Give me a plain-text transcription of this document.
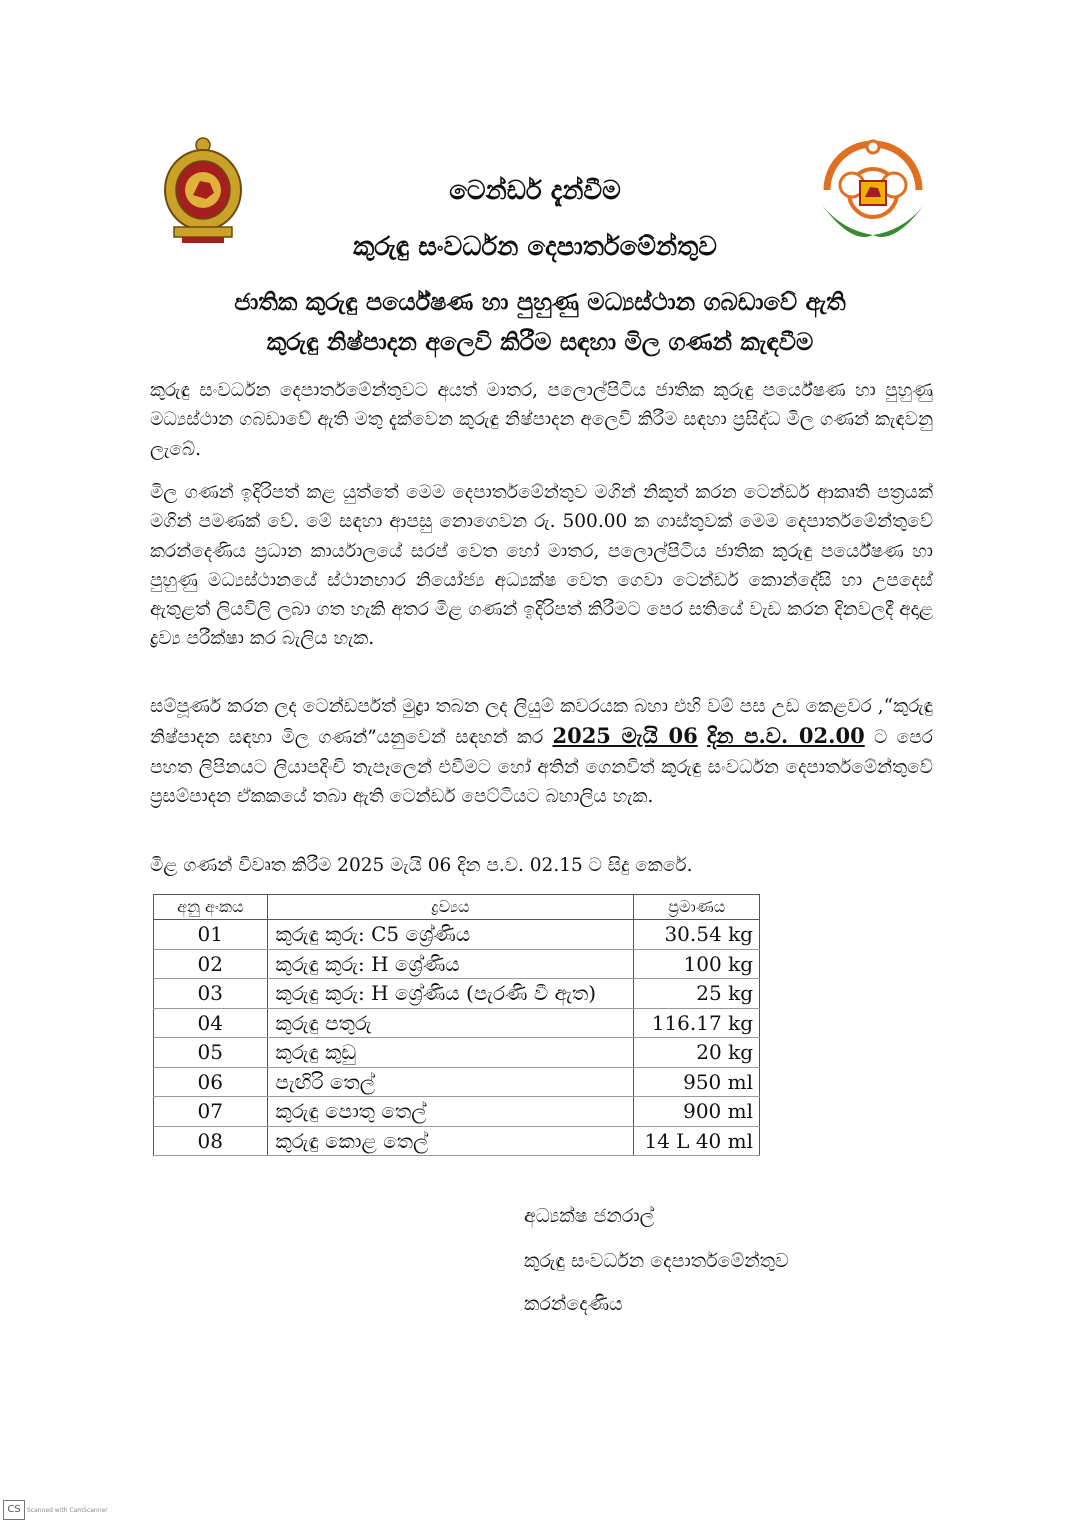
ටෙන්ඩර් දැන්වීම
කුරුඳු සංවර්ධන දෙපාර්තමේන්තුව
ජාතික කුරුඳු පර්යේෂණ හා පුහුණු මධ්‍යස්ථාන ගබඩාවේ ඇති
කුරුඳු නිෂ්පාදන අලෙවි කිරීම සඳහා මිල ගණන් කැඳවීම
කුරුඳු සංවර්ධන දෙපාර්තමේන්තුවට අයත් මාතර, පලොල්පිටිය ජාතික කුරුඳු පර්යේෂණ හා පුහුණු මධ්‍යස්ථාන ගබඩාවේ ඇති මතු දැක්වෙන කුරුඳු නිෂ්පාදන අලෙවි කිරීම සඳහා ප්‍රසිද්ධ මිල ගණන් කැඳවනු ලැබේ.
මිල ගණන් ඉදිරිපත් කළ යුත්තේ මෙම දෙපාර්තමේන්තුව මගින් නිකුත් කරන ටෙන්ඩර් ආකෘති පත්‍රයක් මගින් පමණක් වේ. මේ සඳහා ආපසු නොගෙවන රු. 500.00 ක ගාස්තුවක් මෙම දෙපාර්තමේන්තුවේ කරන්දෙණිය ප්‍රධාන කාර්යාලයේ සරප් වෙත හෝ මාතර, පලොල්පිටිය ජාතික කුරුඳු පර්යේෂණ හා පුහුණු මධ්‍යස්ථානයේ ස්ථානභාර නියෝජ්‍ය අධ්‍යක්ෂ වෙත ගෙවා ටෙන්ඩර් කොන්දේසි හා උපදෙස් ඇතුළත් ලියවිලි ලබා ගත හැකි අතර මිළ ගණන් ඉදිරිපත් කිරීමට පෙර සතියේ වැඩ කරන දිනවලදී අදාළ ද්‍රව්‍ය පරීක්ෂා කර බැලිය හැක.
සම්පූර්ණ කරන ලද ටෙන්ඩර්පත් මුද්‍රා තබන ලද ලියුම් කවරයක බහා එහි වම් පස උඩ කෙළවර ,“කුරුඳු නිෂ්පාදන සඳහා මිල ගණන්”යනුවෙන් සඳහන් කර 2025 මැයි 06 දින ප.ව. 02.00 ට පෙර පහත ලිපිනයට ලියාපදිංචි තැපෑලෙන් එවීමට හෝ අතින් ගෙනවිත් කුරුඳු සංවර්ධන දෙපාර්තමේන්තුවේ ප්‍රසම්පාදන ඒකකයේ තබා ඇති ටෙන්ඩර් පෙට්ටියට බහාලිය හැක.
මිළ ගණන් විවෘත කිරීම 2025 මැයි 06 දින ප.ව. 02.15 ට සිදු කෙරේ.
අනු අංකය	ද්‍රව්‍යය	ප්‍රමාණය
01	කුරුඳු කුරු: C5 ශ්‍රේණිය	30.54 kg
02	කුරුඳු කුරු: H ශ්‍රේණිය	100 kg
03	කුරුඳු කුරු: H ශ්‍රේණිය (පැරණි වී ඇත)	25 kg
04	කුරුඳු පතුරු	116.17 kg
05	කුරුඳු කුඩු	20 kg
06	පැඟිරි තෙල්	950 ml
07	කුරුඳු පොතු තෙල්	900 ml
08	කුරුඳු කොළ තෙල්	14 L 40 ml
අධ්‍යක්ෂ ජනරාල්
කුරුඳු සංවර්ධන දෙපාර්තමේන්තුව
කරන්දෙණිය
CS	Scanned with CamScanner
